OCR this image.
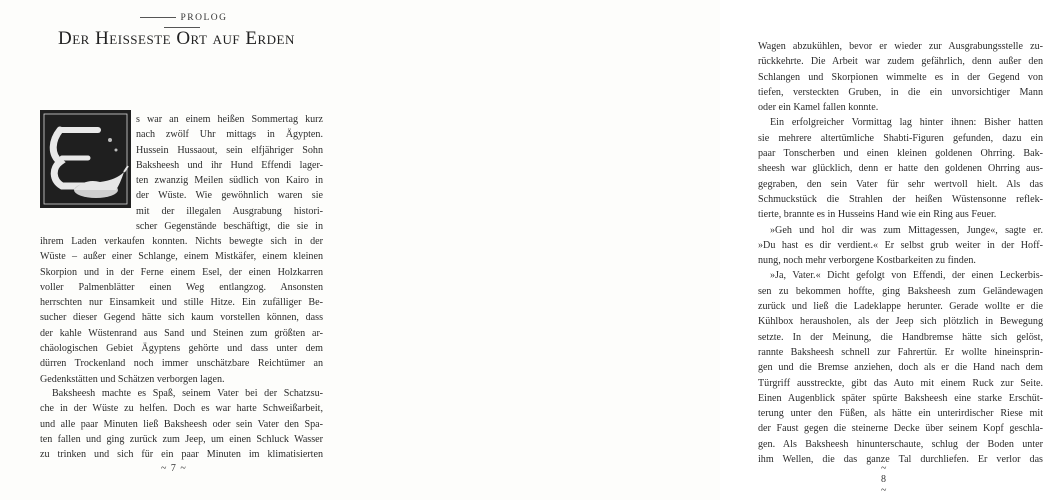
PROLOG
Der Heisseste Ort auf Erden
s war an einem heißen Sommertag kurz
nach zwölf Uhr mittags in Ägypten.
Hussein Hussaout, sein elfjähriger Sohn
Baksheesh und ihr Hund Effendi lager-
ten zwanzig Meilen südlich von Kairo in
der Wüste. Wie gewöhnlich waren sie
mit der illegalen Ausgrabung histori-
scher Gegenstände beschäftigt, die sie in
ihrem Laden verkaufen konnten. Nichts bewegte sich in der
Wüste – außer einer Schlange, einem Mistkäfer, einem kleinen
Skorpion und in der Ferne einem Esel, der einen Holzkarren
voller Palmenblätter einen Weg entlangzog. Ansonsten
herrschten nur Einsamkeit und stille Hitze. Ein zufälliger Be-
sucher dieser Gegend hätte sich kaum vorstellen können, dass
der kahle Wüstenrand aus Sand und Steinen zum größten ar-
chäologischen Gebiet Ägyptens gehörte und dass unter dem
dürren Trockenland noch immer unschätzbare Reichtümer an
Gedenkstätten und Schätzen verborgen lagen.
Baksheesh machte es Spaß, seinem Vater bei der Schatzsu-
che in der Wüste zu helfen. Doch es war harte Schweißarbeit,
und alle paar Minuten ließ Baksheesh oder sein Vater den Spa-
ten fallen und ging zurück zum Jeep, um einen Schluck Wasser
zu trinken und sich für ein paar Minuten im klimatisierten
~ 7 ~
Wagen abzukühlen, bevor er wieder zur Ausgrabungsstelle zu-
rückkehrte. Die Arbeit war zudem gefährlich, denn außer den
Schlangen und Skorpionen wimmelte es in der Gegend von
tiefen, versteckten Gruben, in die ein unvorsichtiger Mann
oder ein Kamel fallen konnte.
Ein erfolgreicher Vormittag lag hinter ihnen: Bisher hatten
sie mehrere altertümliche Shabti-Figuren gefunden, dazu ein
paar Tonscherben und einen kleinen goldenen Ohrring. Bak-
sheesh war glücklich, denn er hatte den goldenen Ohrring aus-
gegraben, den sein Vater für sehr wertvoll hielt. Als das
Schmuckstück die Strahlen der heißen Wüstensonne reflek-
tierte, brannte es in Husseins Hand wie ein Ring aus Feuer.
»Geh und hol dir was zum Mittagessen, Junge«, sagte er.
»Du hast es dir verdient.« Er selbst grub weiter in der Hoff-
nung, noch mehr verborgene Kostbarkeiten zu finden.
»Ja, Vater.« Dicht gefolgt von Effendi, der einen Leckerbis-
sen zu bekommen hoffte, ging Baksheesh zum Geländewagen
zurück und ließ die Ladeklappe herunter. Gerade wollte er die
Kühlbox herausholen, als der Jeep sich plötzlich in Bewegung
setzte. In der Meinung, die Handbremse hätte sich gelöst,
rannte Baksheesh schnell zur Fahrertür. Er wollte hineinsprin-
gen und die Bremse anziehen, doch als er die Hand nach dem
Türgriff ausstreckte, gibt das Auto mit einem Ruck zur Seite.
Einen Augenblick später spürte Baksheesh eine starke Erschüt-
terung unter den Füßen, als hätte ein unterirdischer Riese mit
der Faust gegen die steinerne Decke über seinem Kopf geschla-
gen. Als Baksheesh hinunterschaute, schlug der Boden unter
ihm Wellen, die das ganze Tal durchliefen. Er verlor das
~ 8 ~
